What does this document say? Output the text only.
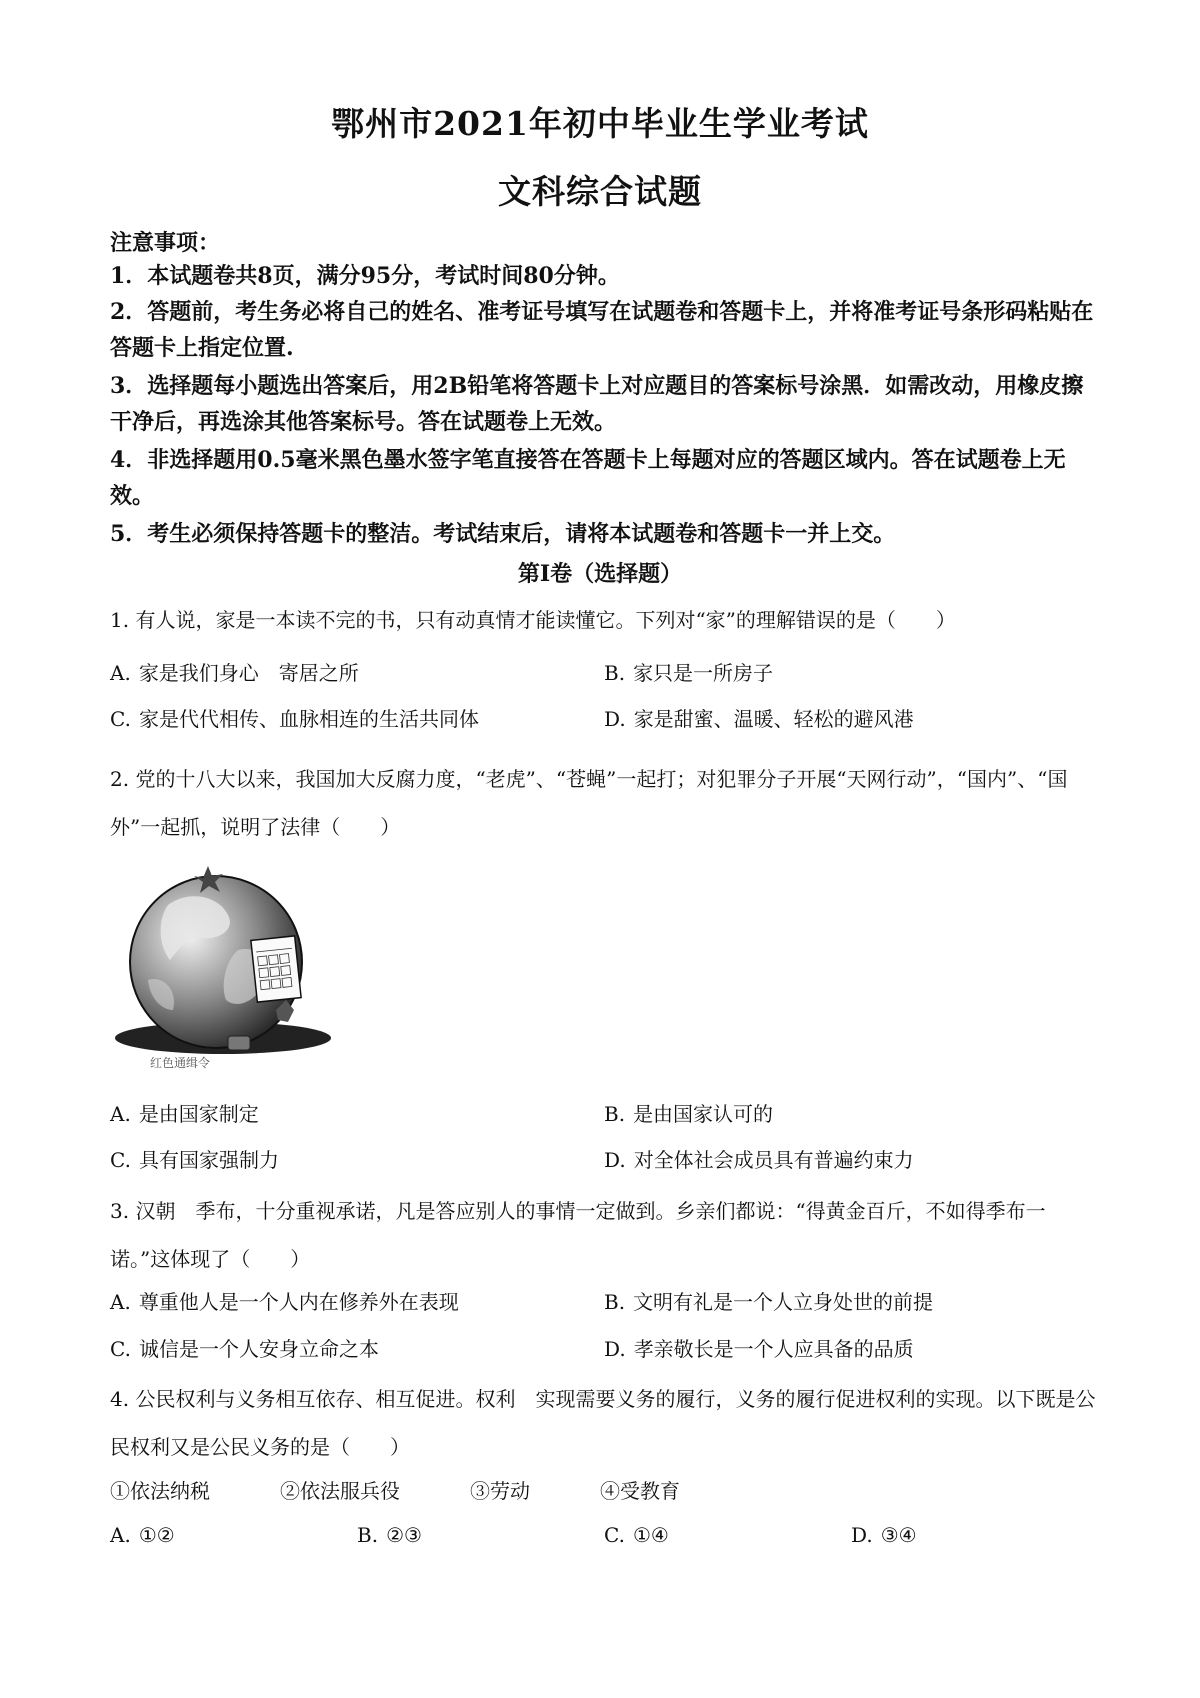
鄂州市2021年初中毕业生学业考试
文科综合试题
注意事项：
1．本试题卷共8页，满分95分，考试时间80分钟。
2．答题前，考生务必将自己的姓名、准考证号填写在试题卷和答题卡上，并将准考证号条形码粘贴在答题卡上指定位置.
3．选择题每小题选出答案后，用2B铅笔将答题卡上对应题目的答案标号涂黑．如需改动，用橡皮擦干净后，再选涂其他答案标号。答在试题卷上无效。
4．非选择题用0.5毫米黑色墨水签字笔直接答在答题卡上每题对应的答题区域内。答在试题卷上无效。
5．考生必须保持答题卡的整洁。考试结束后，请将本试题卷和答题卡一并上交。
第Ⅰ卷（选择题）
1. 有人说，家是一本读不完的书，只有动真情才能读懂它。下列对“家”的理解错误的是（　　）
A. 家是我们身心　寄居之所	B. 家只是一所房子
C. 家是代代相传、血脉相连的生活共同体	D. 家是甜蜜、温暖、轻松的避风港
2. 党的十八大以来，我国加大反腐力度，“老虎”、“苍蝇”一起打；对犯罪分子开展“天网行动”，“国内”、“国外”一起抓，说明了法律（　　）
红色通缉令
A. 是由国家制定	B. 是由国家认可的
C. 具有国家强制力	D. 对全体社会成员具有普遍约束力
3. 汉朝　季布，十分重视承诺，凡是答应别人的事情一定做到。乡亲们都说：“得黄金百斤，不如得季布一诺。”这体现了（　　）
A. 尊重他人是一个人内在修养外在表现	B. 文明有礼是一个人立身处世的前提
C. 诚信是一个人安身立命之本	D. 孝亲敬长是一个人应具备的品质
4. 公民权利与义务相互依存、相互促进。权利　实现需要义务的履行，义务的履行促进权利的实现。以下既是公民权利又是公民义务的是（　　）
①依法纳税	②依法服兵役	③劳动	④受教育
A. ①②	B. ②③	C. ①④	D. ③④
